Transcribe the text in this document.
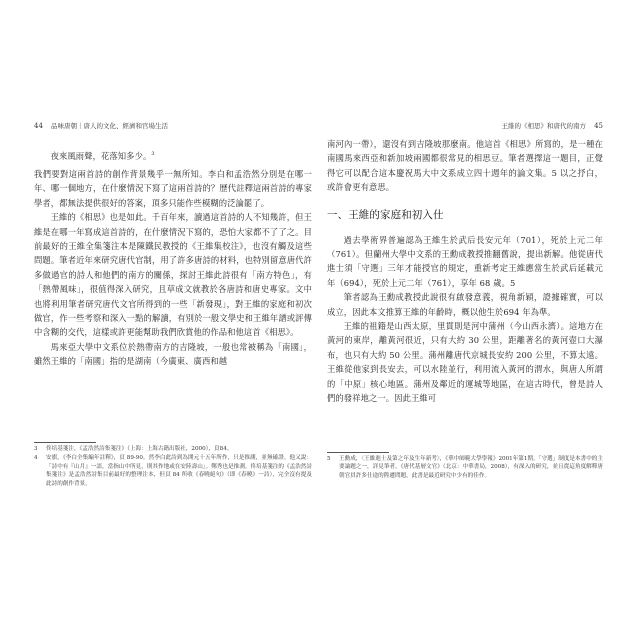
44 品味唐朝｜唐人的文化、經濟和官場生活
夜來風雨聲，花落知多少。$^3$

我們要對這兩首詩的創作背景幾乎一無所知。李白和孟浩然分別是在哪一年、哪一個地方，在什麼情況下寫了這兩首詩的？歷代註釋這兩首詩的專家學者，都無法提供很好的答案，頂多只能作些模糊的泛論罷了。

王維的《相思》也是如此。千百年來，讀過這首詩的人不知幾許，但王維是在哪一年寫成這首詩的，在什麼情況下寫的，恐怕大家都不了了之。目前最好的王維全集箋注本是陳鐵民教授的《王維集校注》，也沒有觸及這些問題。筆者近年來研究唐代官制，用了許多唐詩的材料，也特別留意唐代許多做過官的詩人和他們的南方的關係，探討王維此詩很有「南方特色」，有「熱帶風味」，很值得深入研究，且草成文就教於各唐詩和唐史專家。文中也將利用筆者研究唐代文官所得到的一些「新發現」，對王維的家庭和初次做官，作一些考察和深入一點的解讀，有別於一般文學史和王維年譜或評傳中含糊的交代，這樣或許更能幫助我們欣賞他的作品和他這首《相思》。

馬來亞大學中文系位於熱帶南方的吉隆坡，一般也常被稱為「南國」，雖然王維的「南國」指的是湖南（今廣東、廣西和越

3	佟培基箋注，《孟浩然詩集箋注》（上海：上海古籍出版社，2000），頁84。
4	安旗，《李白全集編年註釋》，頁 89-90。然李白此詩到為開元十五年所作，只是推測，並無確證。他又說：「詩中有『山月』一語，當指山中所見，則其作地或在安陸壽山」。鄭秀也是推測。佟培基箋注的《孟浩然詩集箋注》是孟浩然詩集目前最好的整理注本，但頁 84 所收《春曉絕句》（即《春曉》一詩），完全沒有提及此詩的創作背景。
王維的《相思》和唐代的南方 45

南河內一帶），還沒有到吉隆坡那麼南。他這首《相思》所寫的，是一種在南國馬來西亞和新加坡兩國都很常見的相思豆。筆者選擇這一題目，正覺得它可以配合這本慶祝馬大中文系成立四十週年的論文集。5 以之抒白，或許會更有意思。

一、王維的家庭和初入仕

過去學術界普遍認為王維生於武后長安元年（701），死於上元二年（761）。但蘭州大學中文系的王勳成教授推翻舊說，提出新解。他從唐代進士須「守選」三年才能授官的規定，重新考定王維應當生於武后延載元年（694），死於上元二年（761），享年 68 歲。5

筆者認為王勳成教授此說很有啟發意義，視角新穎，證據確實，可以成立，因此本文推算王維的年齡時，概以他生於694 年為準。

王維的祖籍是山西太原，里貫則是河中蒲州（今山西永濟）。這地方在黃河的東岸，離黃河很近，只有大約 30 公里，距離著名的黃河壺口大瀑布，也只有大約 50 公里。蒲州離唐代京城長安約 200 公里，不算太遠。王維從他家到長安去，可以水陸並行，利用流入黃河的渭水，與唐人所謂的「中原」核心地區。蒲州及鄰近的運城等地區，在這古時代，曾是詩人們的發祥地之一。因此王維可

5	王勳成，〈王維進士及第之年及生年新考〉，《華中師範大學學報》2001年第1期。「守選」制度是本書中的主要論題之一，詳見筆者，《唐代基層文官》（北京：中華書局，2008），有深入的研究，並且從這角度解釋唐朝官員許多仕途的陞遷問題，此書是最近研究中少有的佳作。
